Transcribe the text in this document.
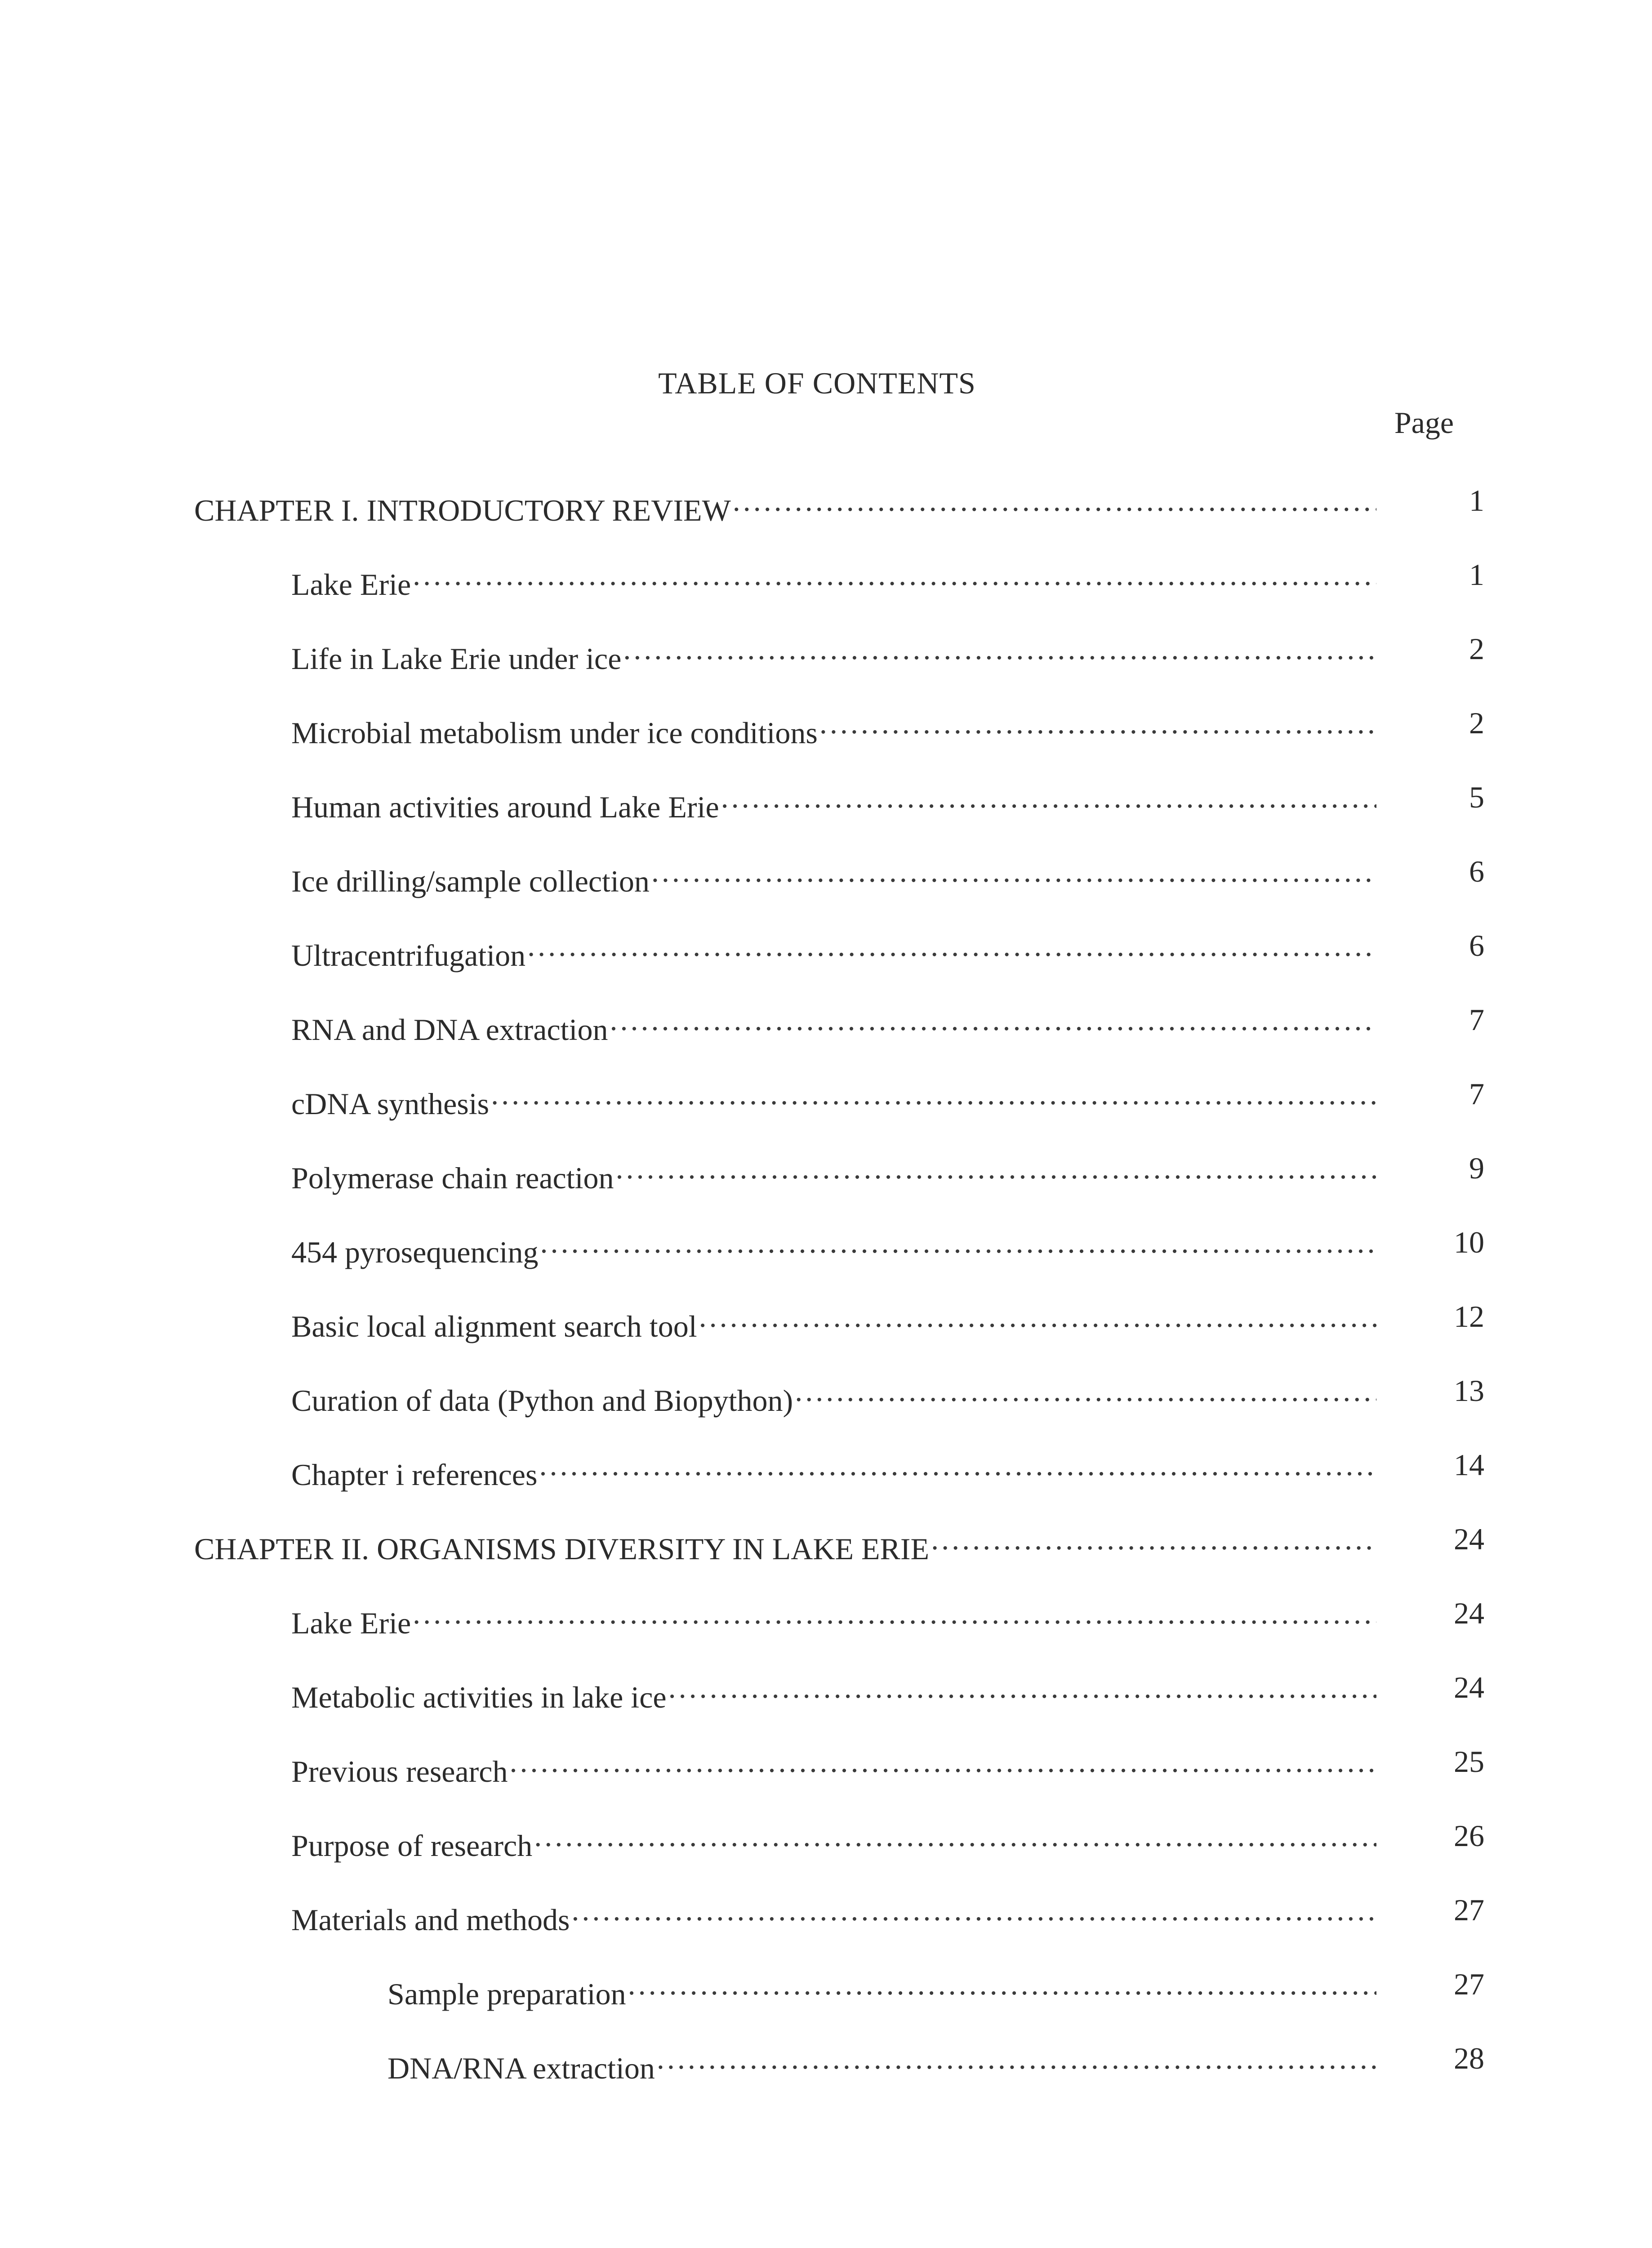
TABLE OF CONTENTS
Page
CHAPTER I. INTRODUCTORY REVIEW .....	1
Lake Erie .....	1
Life in Lake Erie under ice .....	2
Microbial metabolism under ice conditions .....	2
Human activities around Lake Erie .....	5
Ice drilling/sample collection .....	6
Ultracentrifugation .....	6
RNA and DNA extraction .....	7
cDNA synthesis .....	7
Polymerase chain reaction .....	9
454 pyrosequencing .....	10
Basic local alignment search tool .....	12
Curation of data (Python and Biopython) .....	13
Chapter i references .....	14
CHAPTER II. ORGANISMS DIVERSITY IN LAKE ERIE .....	24
Lake Erie .....	24
Metabolic activities in lake ice .....	24
Previous research .....	25
Purpose of research .....	26
Materials and methods .....	27
Sample preparation .....	27
DNA/RNA extraction .....	28
